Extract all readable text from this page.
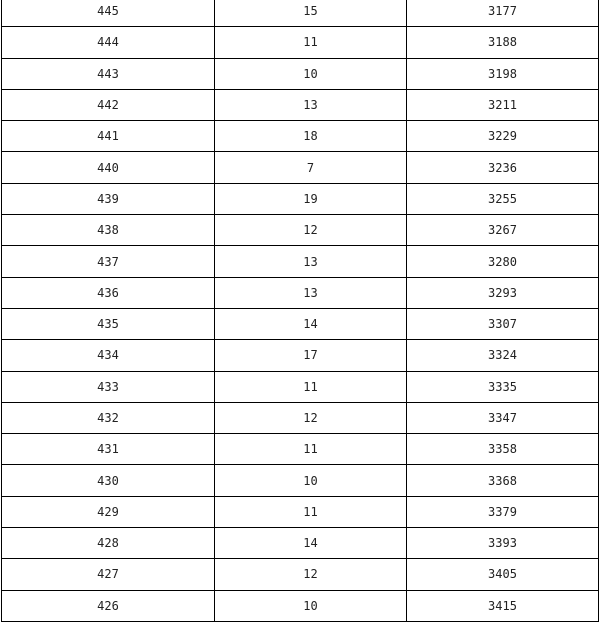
445	15	3177
444	11	3188
443	10	3198
442	13	3211
441	18	3229
440	7	3236
439	19	3255
438	12	3267
437	13	3280
436	13	3293
435	14	3307
434	17	3324
433	11	3335
432	12	3347
431	11	3358
430	10	3368
429	11	3379
428	14	3393
427	12	3405
426	10	3415
